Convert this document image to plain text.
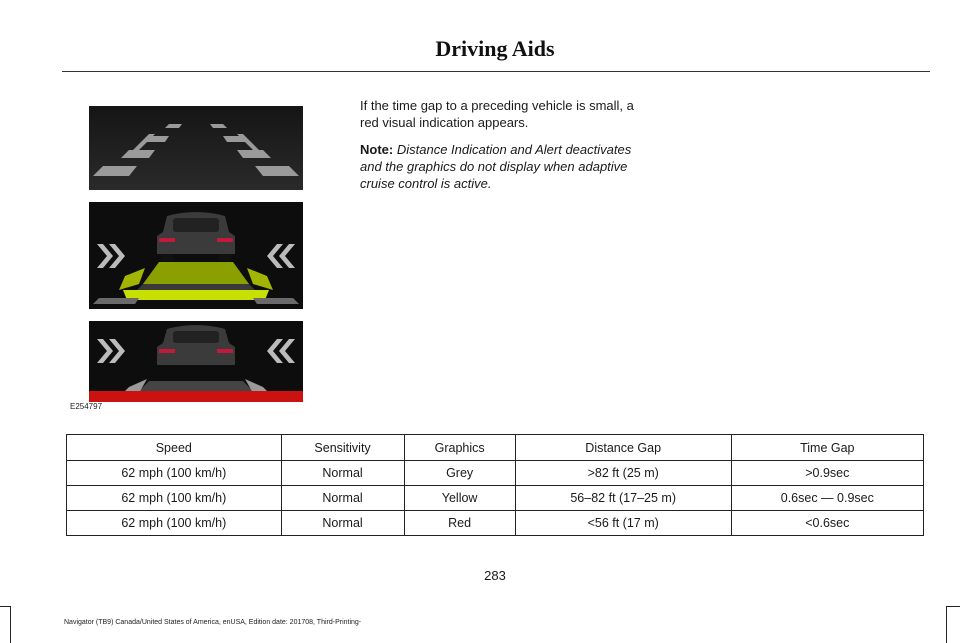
Driving Aids
E254797

If the time gap to a preceding vehicle is small, a red visual indication appears.

Note: Distance Indication and Alert deactivates and the graphics do not display when adaptive cruise control is active.

Speed	Sensitivity	Graphics	Distance Gap	Time Gap
62 mph (100 km/h)	Normal	Grey	>82 ft (25 m)	>0.9sec
62 mph (100 km/h)	Normal	Yellow	56–82 ft (17–25 m)	0.6sec — 0.9sec
62 mph (100 km/h)	Normal	Red	<56 ft (17 m)	<0.6sec
283
Navigator (TB9) Canada/United States of America, enUSA, Edition date: 201708, Third-Printing-
